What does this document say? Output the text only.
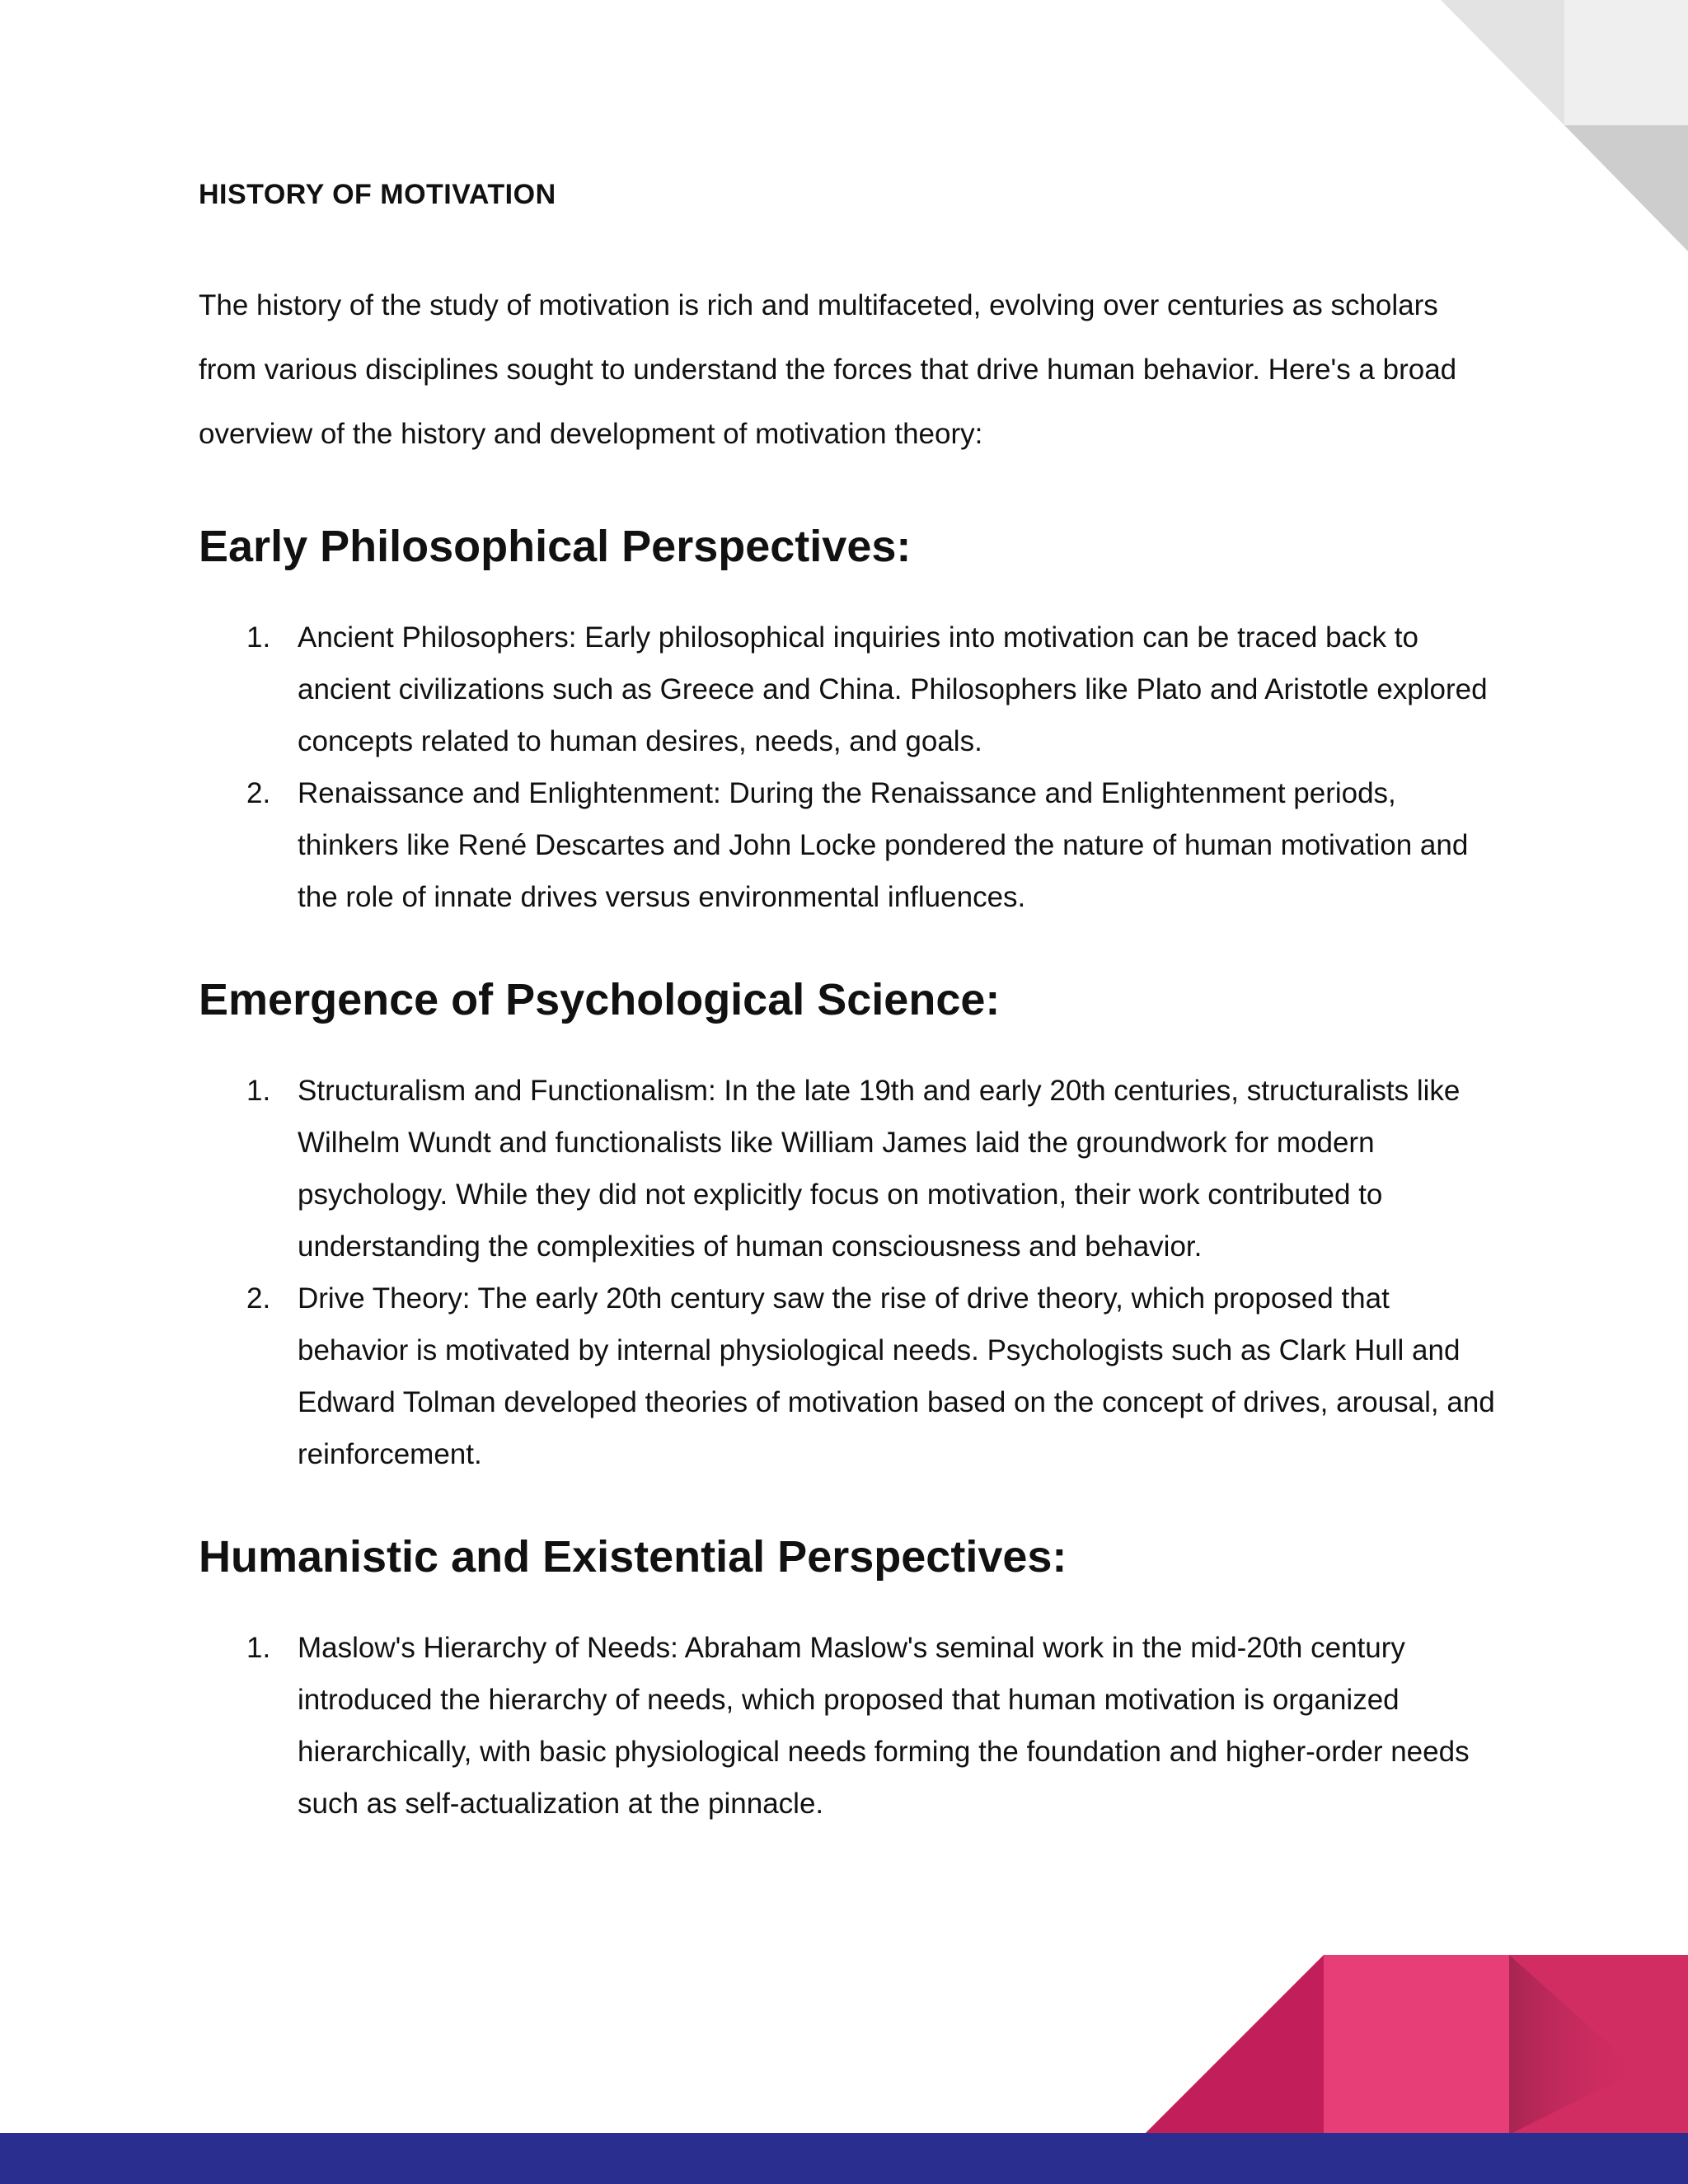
HISTORY OF MOTIVATION

The history of the study of motivation is rich and multifaceted, evolving over centuries as scholars from various disciplines sought to understand the forces that drive human behavior. Here's a broad overview of the history and development of motivation theory:

Early Philosophical Perspectives:
1. Ancient Philosophers: Early philosophical inquiries into motivation can be traced back to ancient civilizations such as Greece and China. Philosophers like Plato and Aristotle explored concepts related to human desires, needs, and goals.
2. Renaissance and Enlightenment: During the Renaissance and Enlightenment periods, thinkers like René Descartes and John Locke pondered the nature of human motivation and the role of innate drives versus environmental influences.
Emergence of Psychological Science:
1. Structuralism and Functionalism: In the late 19th and early 20th centuries, structuralists like Wilhelm Wundt and functionalists like William James laid the groundwork for modern psychology. While they did not explicitly focus on motivation, their work contributed to understanding the complexities of human consciousness and behavior.
2. Drive Theory: The early 20th century saw the rise of drive theory, which proposed that behavior is motivated by internal physiological needs. Psychologists such as Clark Hull and Edward Tolman developed theories of motivation based on the concept of drives, arousal, and reinforcement.
Humanistic and Existential Perspectives:
1. Maslow's Hierarchy of Needs: Abraham Maslow's seminal work in the mid-20th century introduced the hierarchy of needs, which proposed that human motivation is organized hierarchically, with basic physiological needs forming the foundation and higher-order needs such as self-actualization at the pinnacle.
